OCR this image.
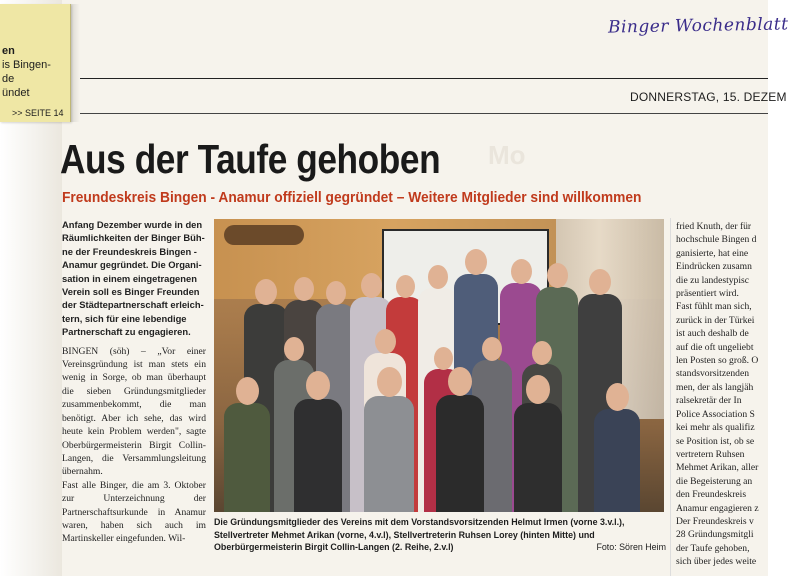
en
is Bingen-
de
ündet
>> SEITE 14
Binger Wochenblatt
DONNERSTAG, 15. DEZEM
Mo
Aus der Taufe gehoben
Freundeskreis Bingen - Anamur offiziell gegründet – Weitere Mitglieder sind willkommen
Anfang Dezember wurde in den
Räumlichkeiten der Binger Büh-
ne der Freundeskreis Bingen -
Anamur gegründet. Die Organi-
sation in einem eingetragenen
Verein soll es Binger Freunden
der Städtepartnerschaft erleich-
tern, sich für eine lebendige
Partnerschaft zu engagieren.

BINGEN (söh) – „Vor einer Vereinsgründung ist man stets ein wenig in Sorge, ob man überhaupt die sieben Gründungsmitglieder zusammenbekommt, die man benötigt. Aber ich sehe, das wird heute kein Problem werden", sagte Oberbürgermeisterin Birgit Collin-Langen, die Versammlungsleitung übernahm.

Fast alle Binger, die am 3. Oktober zur Unterzeichnung der Partnerschaftsurkunde in Anamur waren, haben sich auch im Martinskeller eingefunden. Wil-

Die Gründungsmitglieder des Vereins mit dem Vorstandsvorsitzenden Helmut Irmen (vorne 3.v.l.), Stellvertreter Mehmet Arikan (vorne, 4.v.l), Stellvertreterin Ruhsen Lorey (hinten Mitte) und Oberbürgermeisterin Birgit Collin-Langen (2. Reihe, 2.v.l)	Foto: Sören Heim
fried Knuth, der für
hochschule Bingen d
ganisierte, hat eine
Eindrücken zusamn
die zu landestypisc
präsentiert wird.
Fast fühlt man sich,
zurück in der Türkei
ist auch deshalb de
auf die oft ungeliebt
len Posten so groß. O
standsvorsitzenden
men, der als langjäh
ralsekretär der In
Police Association S
kei mehr als qualifiz
se Position ist, ob se
vertretern Ruhsen
Mehmet Arikan, aller
die Begeisterung an
den Freundeskreis
Anamur engagieren z
Der Freundeskreis v
28 Gründungsmitgli
der Taufe gehoben,
sich über jedes weite
